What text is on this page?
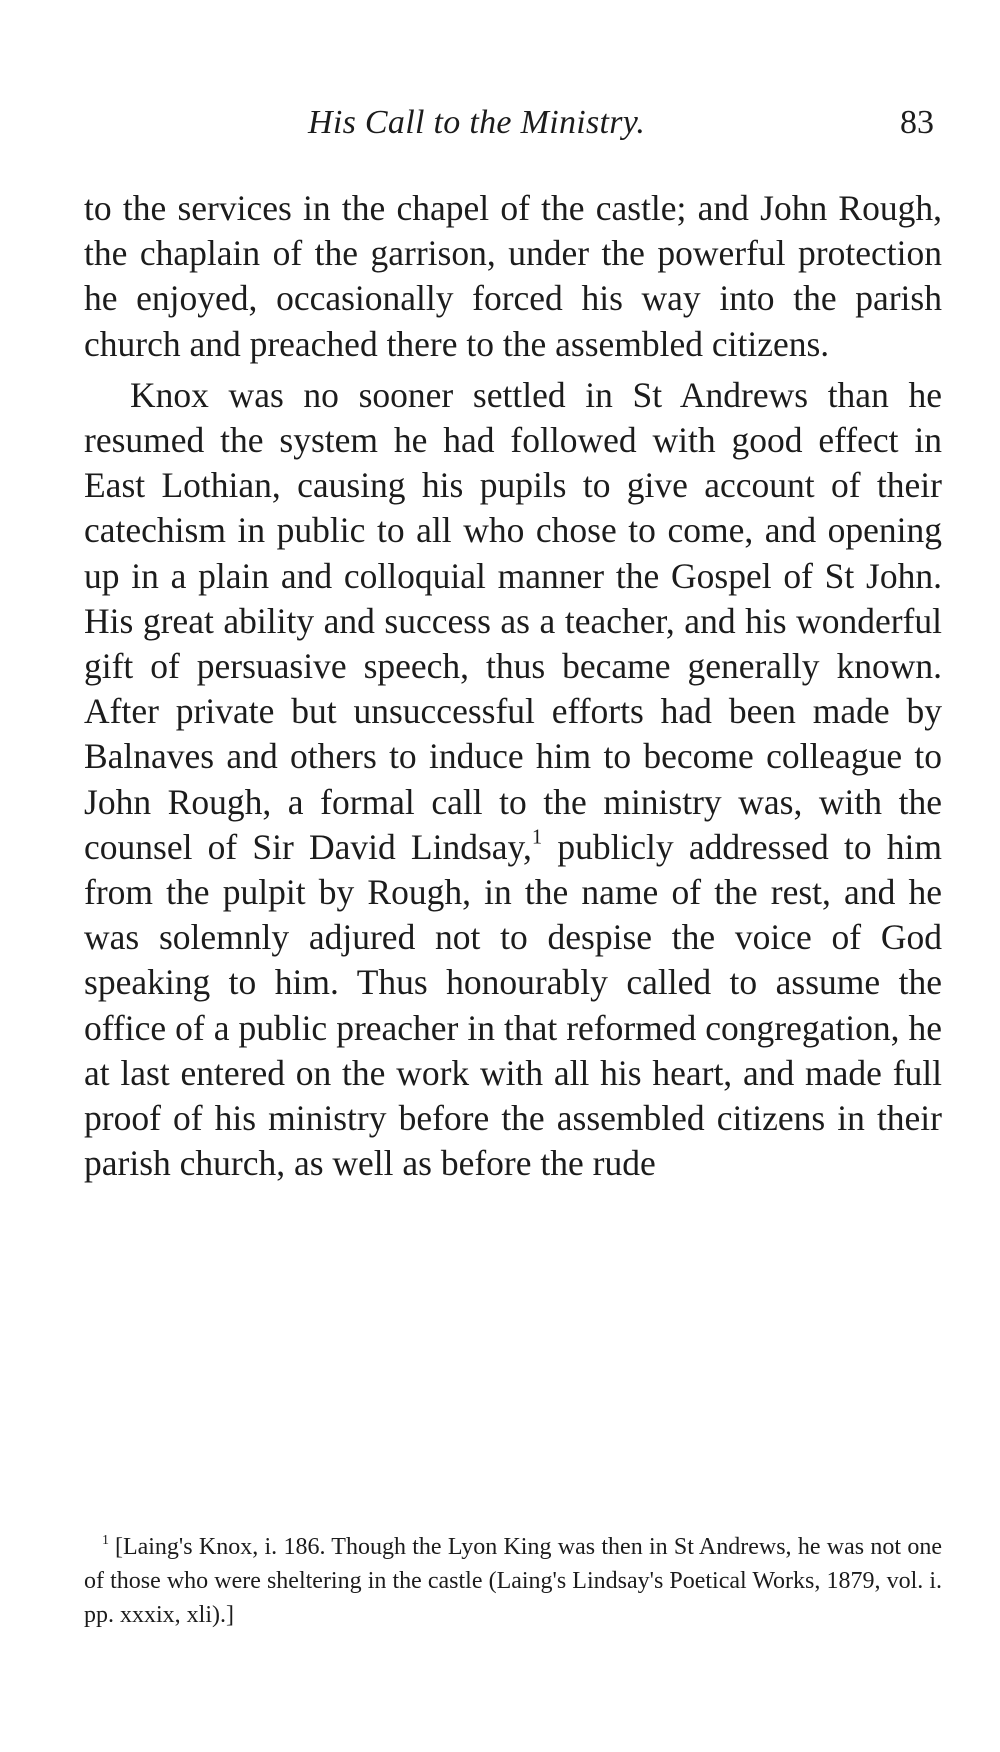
His Call to the Ministry.	83

to the services in the chapel of the castle; and John Rough, the chaplain of the garrison, under the powerful protection he enjoyed, occasionally forced his way into the parish church and preached there to the assembled citizens.

Knox was no sooner settled in St Andrews than he resumed the system he had followed with good effect in East Lothian, causing his pupils to give account of their catechism in public to all who chose to come, and opening up in a plain and colloquial manner the Gospel of St John. His great ability and success as a teacher, and his wonderful gift of persuasive speech, thus became generally known. After private but unsuccessful efforts had been made by Balnaves and others to induce him to become colleague to John Rough, a formal call to the ministry was, with the counsel of Sir David Lindsay,$^1$ publicly addressed to him from the pulpit by Rough, in the name of the rest, and he was solemnly adjured not to despise the voice of God speaking to him. Thus honourably called to assume the office of a public preacher in that reformed congregation, he at last entered on the work with all his heart, and made full proof of his ministry before the assembled citizens in their parish church, as well as before the rude

$^1$ [Laing's Knox, i. 186. Though the Lyon King was then in St Andrews, he was not one of those who were sheltering in the castle (Laing's Lindsay's Poetical Works, 1879, vol. i. pp. xxxix, xli).]
